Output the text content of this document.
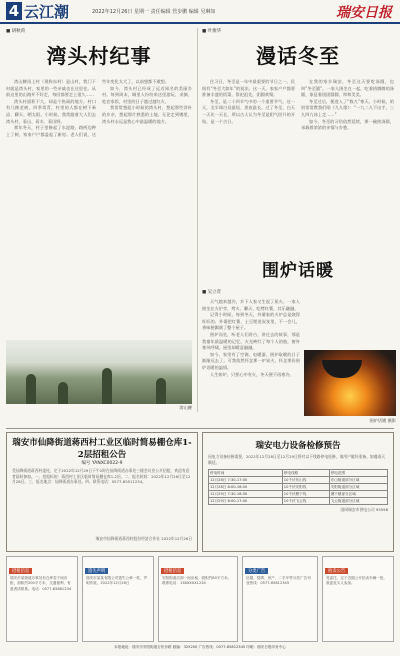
4 云江潮	2022年12月26日 星期一 责任编辑 管步鹏 编辑 吴琳如	瑞安日报
■ 胡秋荷
湾头村纪事

湾山腰再上村（现称东村）是山村，我门下村就是湾头村，家里的一些亲戚也在这里住。从前这里的山路并不好走，每回都要走上很久……

湾头村面积不大，却是个热闹的地方。村口有几棵老树，四季常青，村里的人都在树下乘凉、聊天、晒太阳。小时候，我常跟着大人们去湾头村，看山、看水、看田野。

那年冬天，村子里修起了水泥路，路两边种上了树，家家户户都盖起了新房。老人们说，这些年变化太大了，以前想都不敢想。

如今，湾头村已经成了远近闻名的美丽乡村。每到周末，城里人纷纷来这里游玩、采摘、吃农家饭，村里的日子越过越红火。

我常常想起小时候的湾头村，想起那些淳朴的乡亲，想起那片熟悉的土地。无论走到哪里，湾头村永远是我心中最温暖的地方。

湾山腰
■ 叶俊华
漫话冬至

往习日，冬至是一年中最重要的节日之一，民间有“冬至大如年”的说法。这一天，家家户户都要准备丰盛的饭菜，祭祀祖先，团圆欢聚。

冬至，是二十四节气中的一个重要节气。这一天，北半球白昼最短、黑夜最长。过了冬至，白天一天比一天长，所以古人认为冬至是阳气回升的开始，是一个吉日。

在我的家乡瑞安，冬至这天要吃汤圆，也叫“冬至圆”。一家人围坐在一起，吃着热腾腾的汤圆，象征着团团圆圆、和和美美。

冬至过后，便进入了“数九”寒天。小时候，奶奶常常教我们唱《九九歌》：“一九二九不出手，三九四九冰上走……”

如今，冬至的习俗依然延续，那一碗热汤圆，承载着浓浓的亲情与乡愁。

围炉话暖
■ 吴立奇

天气越来越冷，乡下人家又生起了炭火。一家人围坐在火炉旁，烤火、聊天、吃烤红薯，其乐融融。

记得小时候，每到冬天，外婆家的火炉总是烧得旺旺的。外婆把红薯、土豆埋进炭灰里，不一会儿，香味便飘满了整个屋子。

围炉而坐，听老人们讲古，讲过去的故事，那是我童年最温暖的记忆。火光映红了每个人的脸，窗外寒风呼啸，屋里却暖意融融。

如今，家里有了空调、电暖器，围炉取暖的日子渐渐远去了。可我依然怀念那一炉炭火，怀念那份围炉话暖的温情。

人生如炉，只要心中有火，冬天便不再寒冷。

围炉话暖 摄影
瑞安市仙降街道蒋西村工业区临时简易棚仓库1-2层招租公告
编号 YANXC0022-9
受仙降街道蒋西村委托，定于2022年12月29日下午2时在仙降街道办事处三楼会议室公开招租，欢迎有意者届时参加。一、招租标的：蒋西村工业区临时简易棚仓库1-2层。二、报名时间：2022年12月26日至12月28日。三、报名地点：仙降街道办事处。四、联系电话：0577-65511234。
瑞安市仙降街道蒋西村股份经济合作社 2022年12月26日
瑞安电力设备检修预告
因电力设备检修需要，2022年12月28日至12月29日将对以下线路停电检修，请用户做好准备。如遇雨天顺延。
停电时间	停电线路	停电范围
12月28日 7:30-17:00	10千伏东山线	东山街道部分区域
12月28日 8:00-16:00	10千伏安阳线	安阳街道部分区域
12月29日 7:30-16:30	10千伏塘下线	塘下镇部分区域
12月29日 8:00-17:00	10千伏飞云线	飞云街道部分区域
国网瑞安市供电公司 95598
招租信息
瑞安市某街道办事处有仓库若干间出租，面积约200平方米，交通便利，有意者请联系。电话：0577-65881234
遗失声明
瑞安市某某有限公司遗失公章一枚，声明作废。2022年12月26日
招租信息
安阳街道店面一间出租，面积约80平方米。联系电话：138XXXX1234
分类广告
征婚、招聘、房产、二手车等分类广告刊登热线：0577-65812345
拍卖公告
受委托，定于近期公开拍卖车辆一批，欢迎竞买人参加。
本报地址：瑞安市安阳街道万松东路 邮编：325200 广告热线：0577-65812345 印刷：瑞安日报印务中心
